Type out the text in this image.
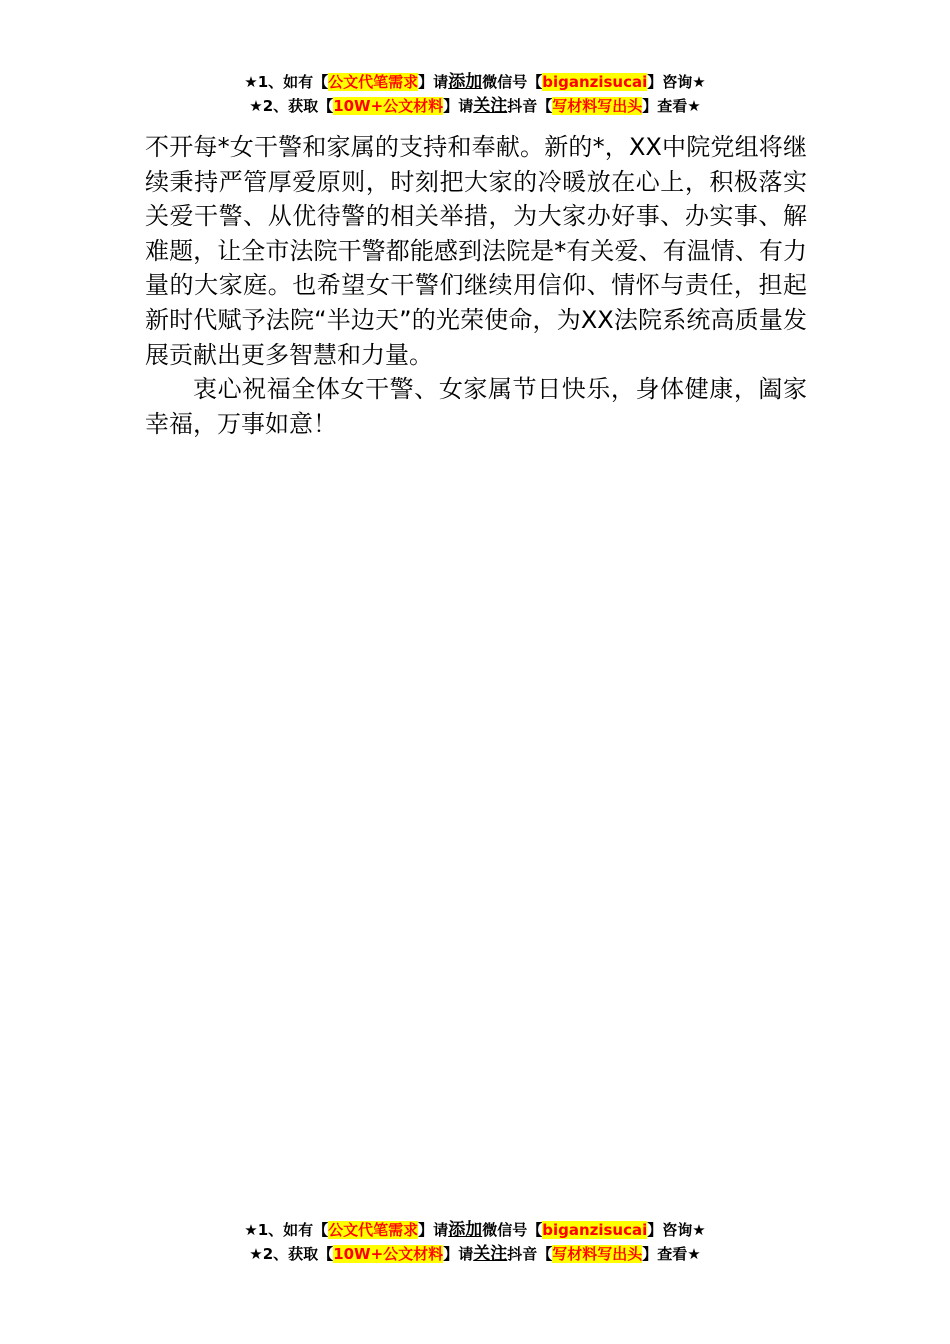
★1、如有【公文代笔需求】请添加微信号【biganzisucai】咨询★
★2、获取【10W+公文材料】请关注抖音【写材料写出头】查看★

不开每*女干警和家属的支持和奉献。新的*，XX中院党组将继续秉持严管厚爱原则，时刻把大家的冷暖放在心上，积极落实关爱干警、从优待警的相关举措，为大家办好事、办实事、解难题，让全市法院干警都能感到法院是*有关爱、有温情、有力量的大家庭。也希望女干警们继续用信仰、情怀与责任，担起新时代赋予法院“半边天”的光荣使命，为XX法院系统高质量发展贡献出更多智慧和力量。

衷心祝福全体女干警、女家属节日快乐，身体健康，阖家幸福，万事如意！

★1、如有【公文代笔需求】请添加微信号【biganzisucai】咨询★
★2、获取【10W+公文材料】请关注抖音【写材料写出头】查看★
